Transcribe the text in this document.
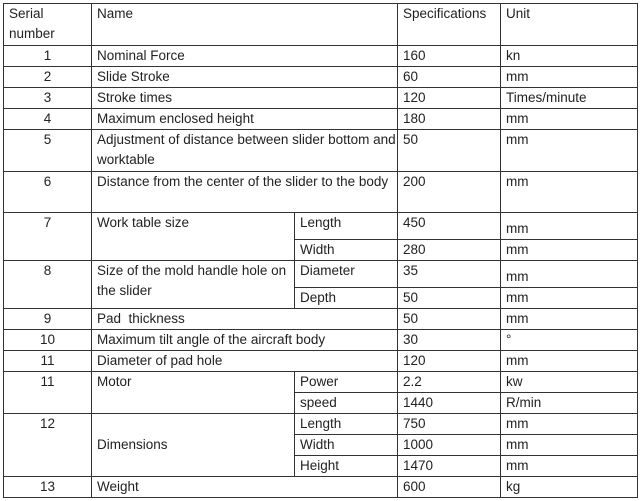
Serial number	Name		Specifications	Unit
1	Nominal Force		160	kn
2	Slide Stroke		60	mm
3	Stroke times		120	Times/minute
4	Maximum enclosed height		180	mm
5	Adjustment of distance between slider bottom and worktable		50	mm
6	Distance from the center of the slider to the body		200	mm
7	Work table size	Length	450	mm
		Width	280	mm
8	Size of the mold handle hole on the slider	Diameter	35	mm
		Depth	50	mm
9	Pad  thickness		50	mm
10	Maximum tilt angle of the aircraft body		30	°
11	Diameter of pad hole		120	mm
11	Motor	Power	2.2	kw
		speed	1440	R/min
12	Dimensions	Length	750	mm
		Width	1000	mm
		Height	1470	mm
13	Weight		600	kg
